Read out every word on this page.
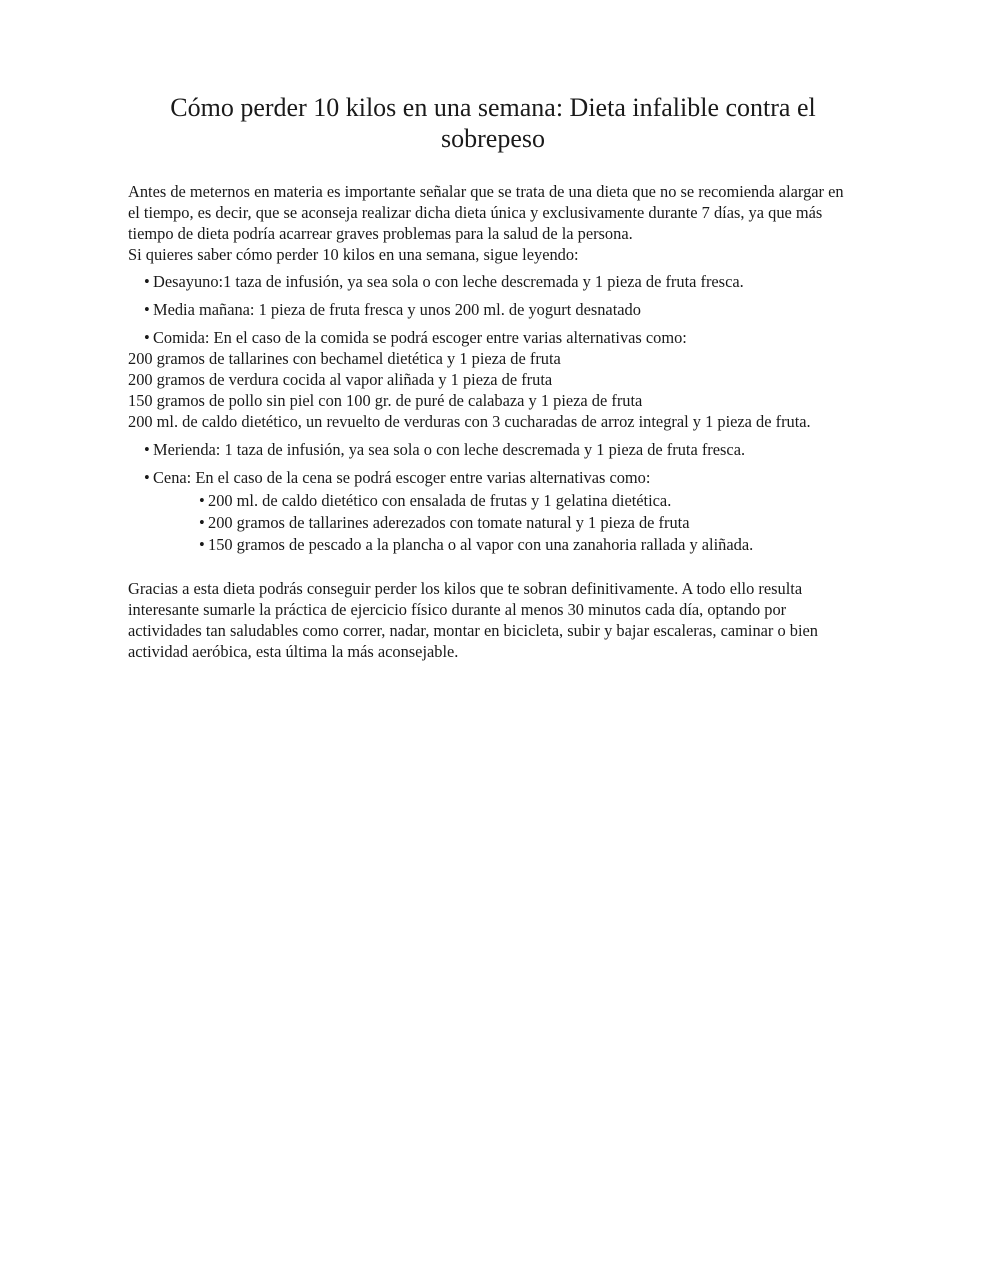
Cómo perder 10 kilos en una semana: Dieta infalible contra el sobrepeso

Antes de meternos en materia es importante señalar que se trata de una dieta que no se recomienda alargar en el tiempo, es decir, que se aconseja realizar dicha dieta única y exclusivamente durante 7 días, ya que más tiempo de dieta podría acarrear graves problemas para la salud de la persona.
Si quieres saber cómo perder 10 kilos en una semana, sigue leyendo:

• Desayuno:1 taza de infusión, ya sea sola o con leche descremada y 1 pieza de fruta fresca.
• Media mañana: 1 pieza de fruta fresca y unos 200 ml. de yogurt desnatado
• Comida: En el caso de la comida se podrá escoger entre varias alternativas como:
200 gramos de tallarines con bechamel dietética y 1 pieza de fruta
200 gramos de verdura cocida al vapor aliñada y 1 pieza de fruta
150 gramos de pollo sin piel con 100 gr. de puré de calabaza y 1 pieza de fruta
200 ml. de caldo dietético, un revuelto de verduras con 3 cucharadas de arroz integral y 1 pieza de fruta.
• Merienda: 1 taza de infusión, ya sea sola o con leche descremada y 1 pieza de fruta fresca.
• Cena: En el caso de la cena se podrá escoger entre varias alternativas como:
• 200 ml. de caldo dietético con ensalada de frutas y 1 gelatina dietética.
• 200 gramos de tallarines aderezados con tomate natural y 1 pieza de fruta
• 150 gramos de pescado a la plancha o al vapor con una zanahoria rallada y aliñada.

Gracias a esta dieta podrás conseguir perder los kilos que te sobran definitivamente. A todo ello resulta interesante sumarle la práctica de ejercicio físico durante al menos 30 minutos cada día, optando por actividades tan saludables como correr, nadar, montar en bicicleta, subir y bajar escaleras, caminar o bien actividad aeróbica, esta última la más aconsejable.
